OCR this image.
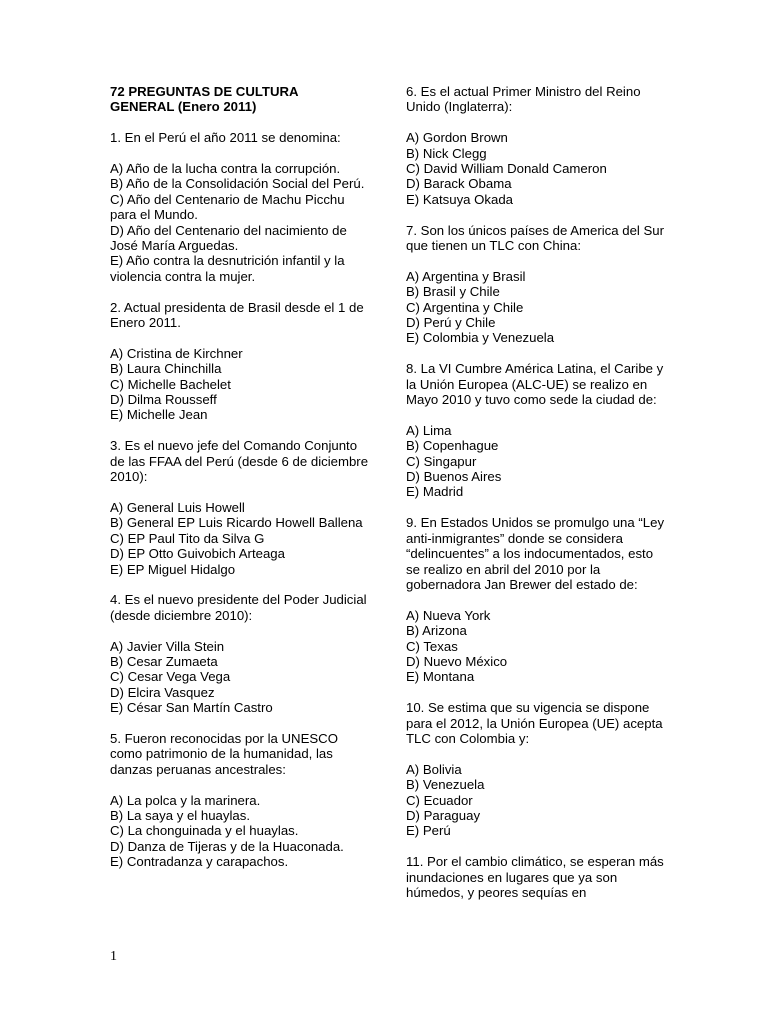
72 PREGUNTAS DE CULTURA
GENERAL (Enero 2011)
1. En el Perú el año 2011 se denomina:
A) Año de la lucha contra la corrupción.
B) Año de la Consolidación Social del Perú.
C) Año del Centenario de Machu Picchu para el Mundo.
D) Año del Centenario del nacimiento de José María Arguedas.
E) Año contra la desnutrición infantil y la violencia contra la mujer.
2. Actual presidenta de Brasil desde el 1 de Enero 2011.
A) Cristina de Kirchner
B) Laura Chinchilla
C) Michelle Bachelet
D) Dilma Rousseff
E) Michelle Jean
3. Es el nuevo jefe del Comando Conjunto de las FFAA del Perú (desde 6 de diciembre 2010):
A) General Luis Howell
B) General EP Luis Ricardo Howell Ballena
C) EP Paul Tito da Silva G
D) EP Otto Guivobich Arteaga
E) EP Miguel Hidalgo
4. Es el nuevo presidente del Poder Judicial (desde diciembre 2010):
A) Javier Villa Stein
B) Cesar Zumaeta
C) Cesar Vega Vega
D) Elcira Vasquez
E) César San Martín Castro
5. Fueron reconocidas por la UNESCO como patrimonio de la humanidad, las danzas peruanas ancestrales:
A) La polca y la marinera.
B) La saya y el huaylas.
C) La chonguinada y el huaylas.
D) Danza de Tijeras y de la Huaconada.
E) Contradanza y carapachos.
6. Es el actual Primer Ministro del Reino Unido (Inglaterra):
A) Gordon Brown
B) Nick Clegg
C) David William Donald Cameron
D) Barack Obama
E) Katsuya Okada
7. Son los únicos países de America del Sur que tienen un TLC con China:
A) Argentina y Brasil
B) Brasil y Chile
C) Argentina y Chile
D) Perú y Chile
E) Colombia y Venezuela
8. La VI Cumbre América Latina, el Caribe y la Unión Europea (ALC-UE) se realizo en Mayo 2010 y tuvo como sede la ciudad de:
A) Lima
B) Copenhague
C) Singapur
D) Buenos Aires
E) Madrid
9. En Estados Unidos se promulgo una “Ley anti-inmigrantes” donde se considera “delincuentes” a los indocumentados, esto se realizo en abril del 2010 por la gobernadora Jan Brewer del estado de:
A) Nueva York
B) Arizona
C) Texas
D) Nuevo México
E) Montana
10. Se estima que su vigencia se dispone para el 2012, la Unión Europea (UE) acepta TLC con Colombia y:
A) Bolivia
B) Venezuela
C) Ecuador
D) Paraguay
E) Perú
11. Por el cambio climático, se esperan más inundaciones en lugares que ya son húmedos, y peores sequías en
1
